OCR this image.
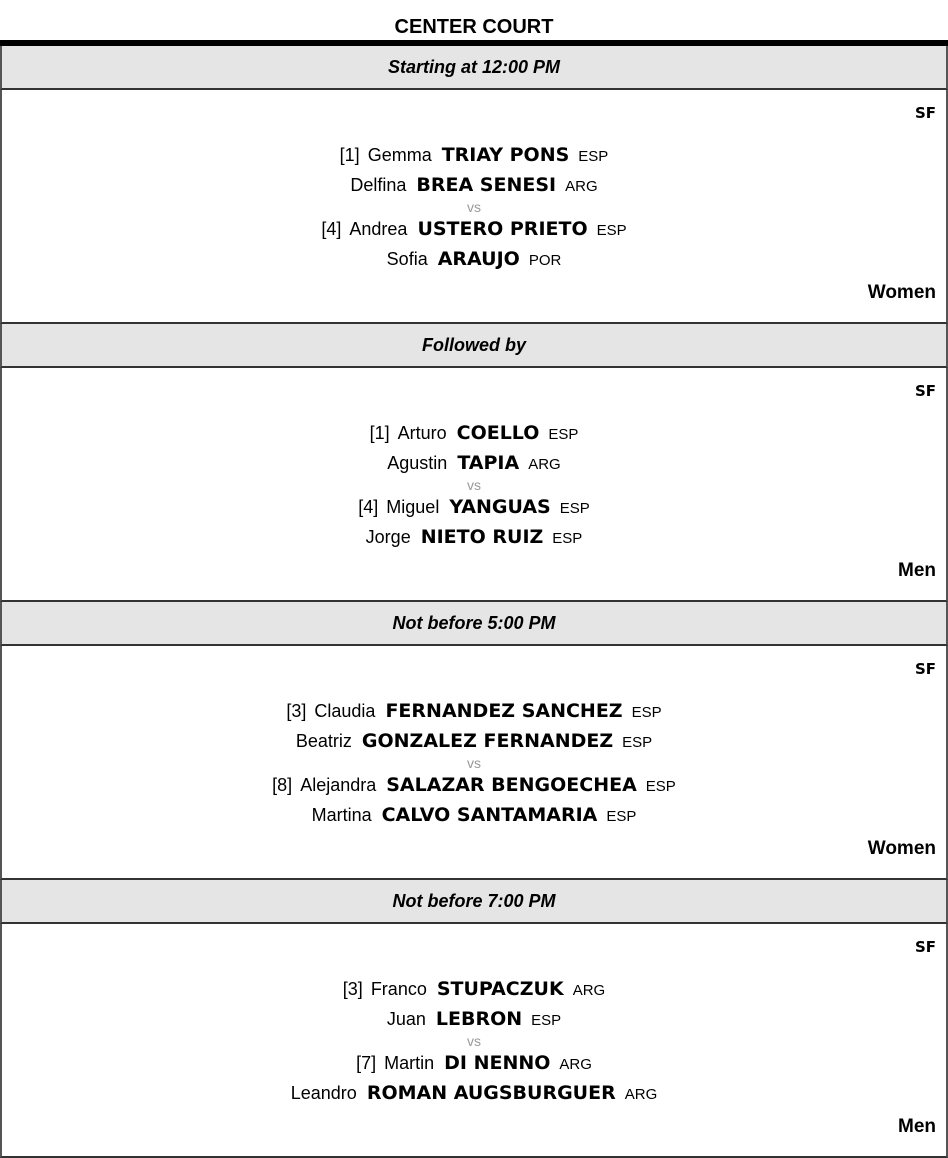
CENTER COURT
Starting at 12:00 PM
SF
[1] Gemma TRIAY PONS ESP
Delfina BREA SENESI ARG
vs
[4] Andrea USTERO PRIETO ESP
Sofia ARAUJO POR
Women
Followed by
SF
[1] Arturo COELLO ESP
Agustin TAPIA ARG
vs
[4] Miguel YANGUAS ESP
Jorge NIETO RUIZ ESP
Men
Not before 5:00 PM
SF
[3] Claudia FERNANDEZ SANCHEZ ESP
Beatriz GONZALEZ FERNANDEZ ESP
vs
[8] Alejandra SALAZAR BENGOECHEA ESP
Martina CALVO SANTAMARIA ESP
Women
Not before 7:00 PM
SF
[3] Franco STUPACZUK ARG
Juan LEBRON ESP
vs
[7] Martin DI NENNO ARG
Leandro ROMAN AUGSBURGUER ARG
Men
